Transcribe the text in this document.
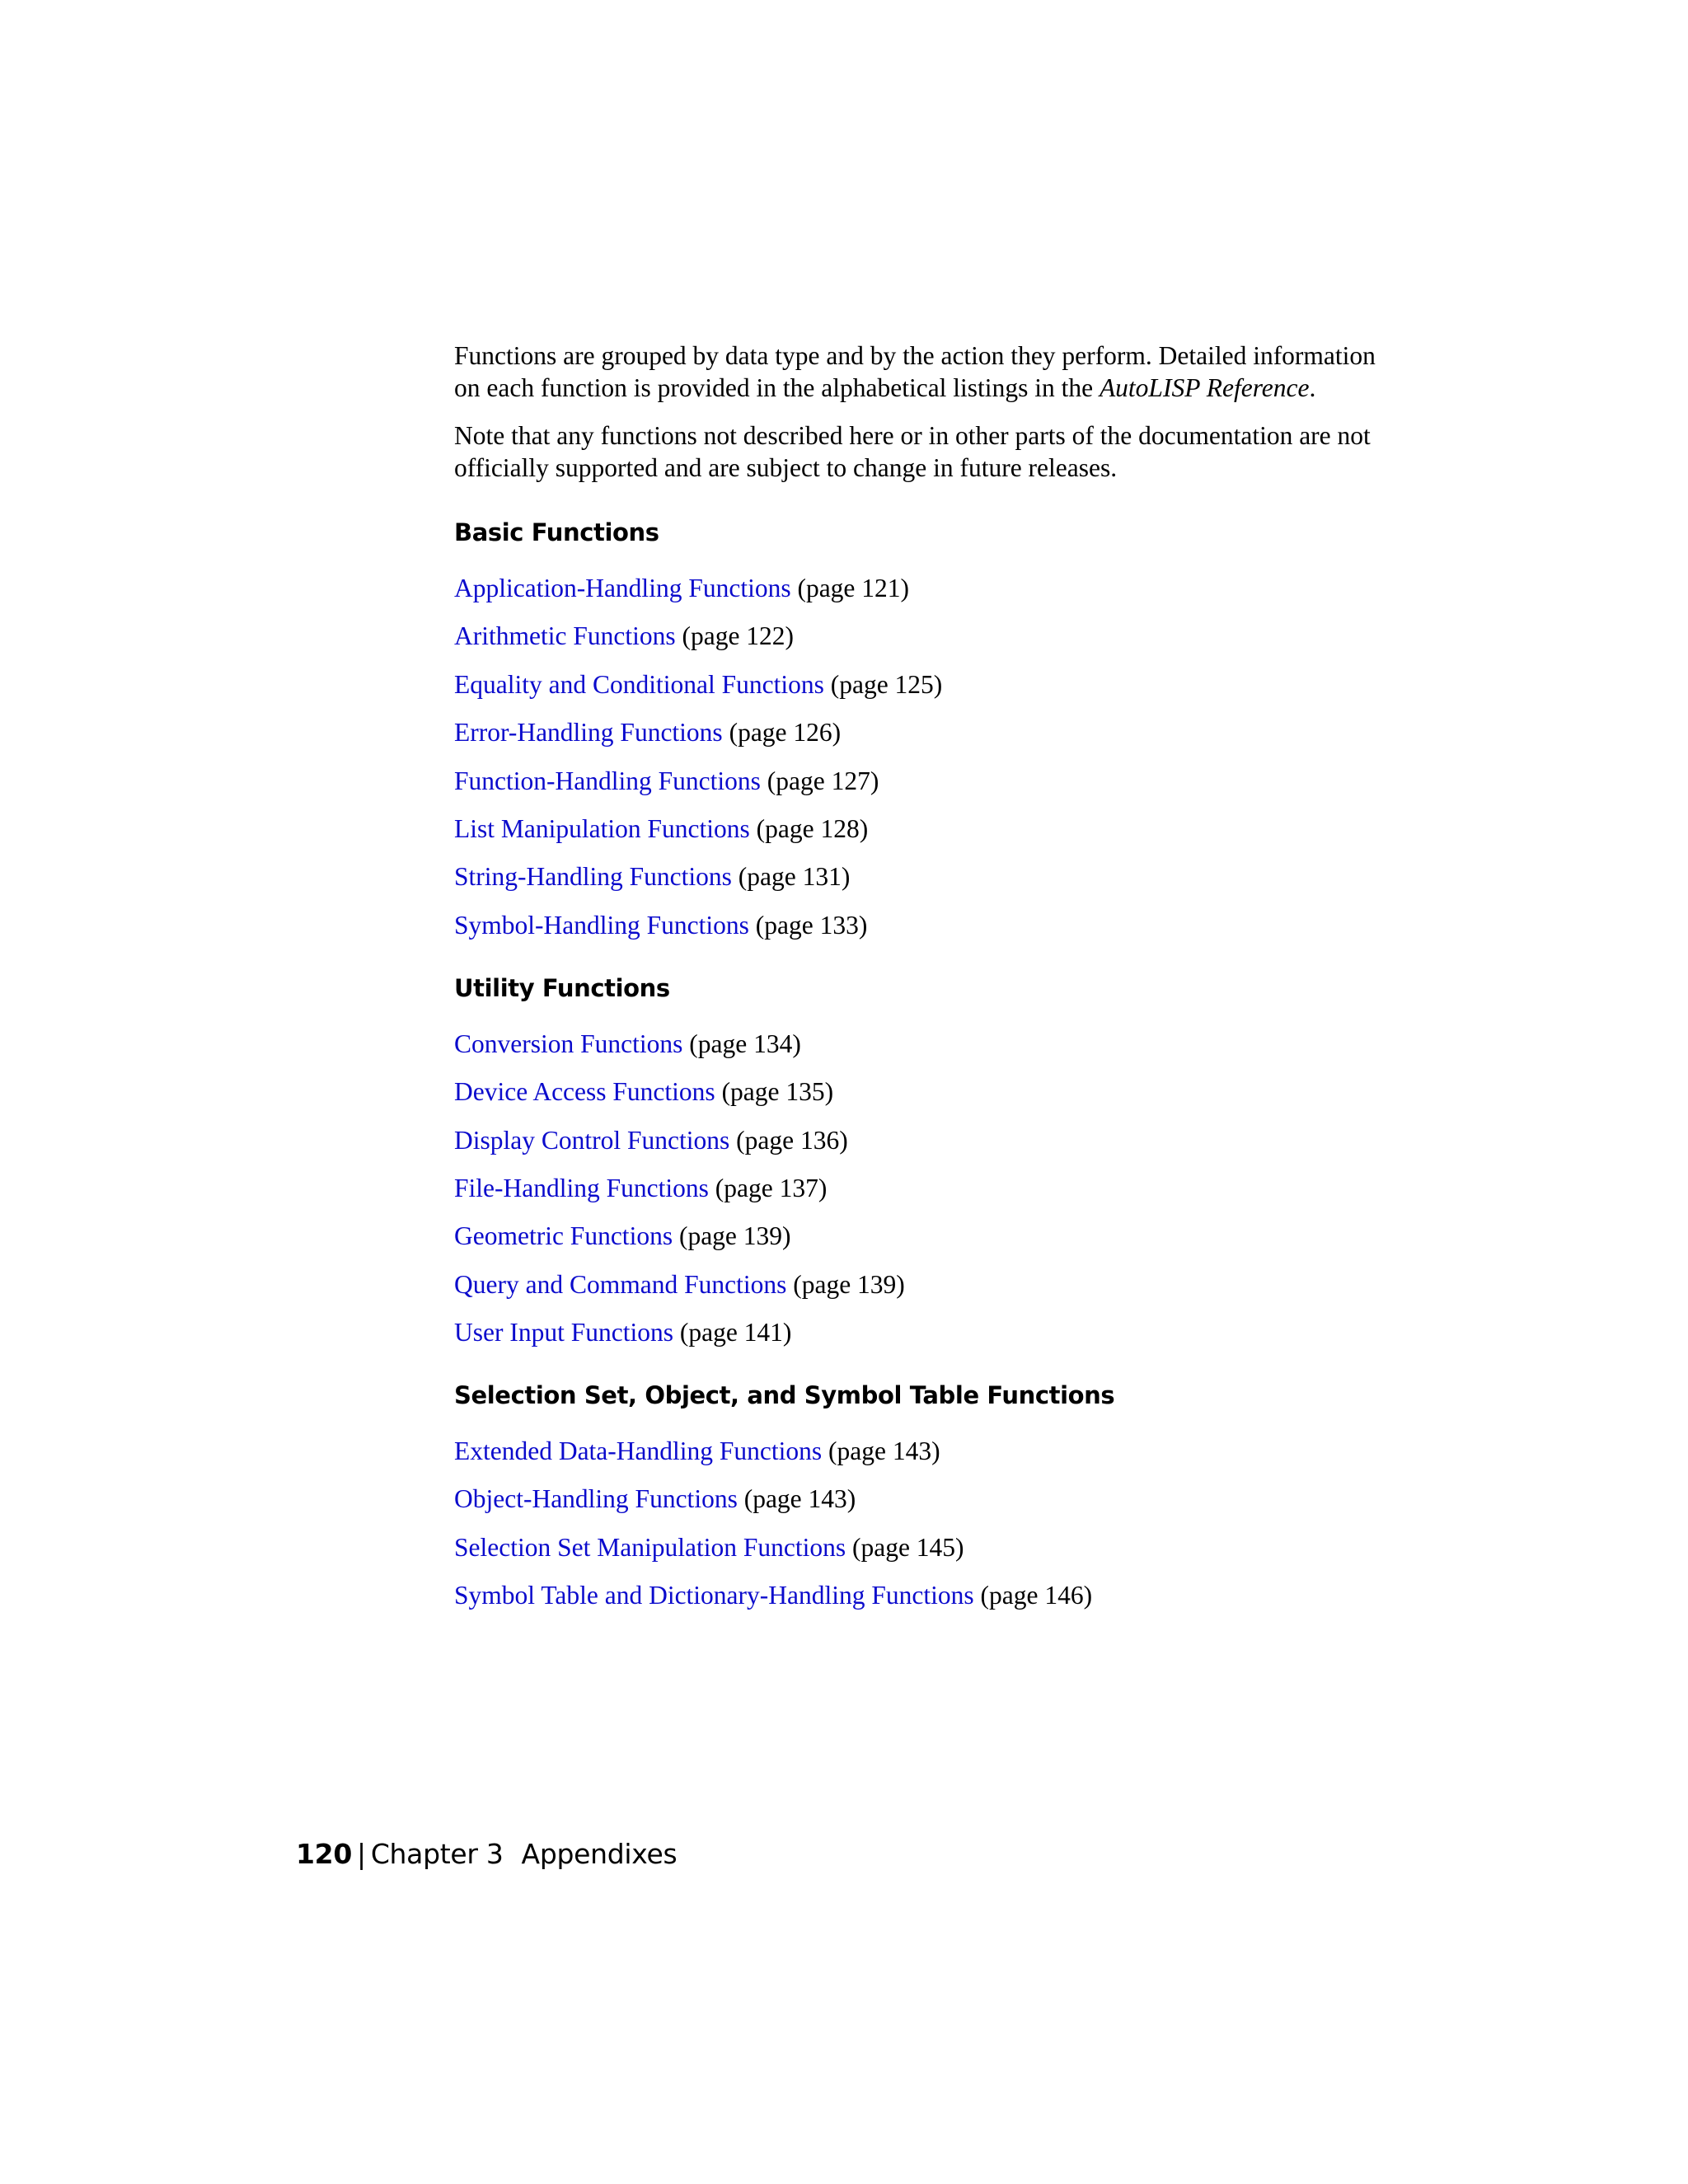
Functions are grouped by data type and by the action they perform. Detailed information on each function is provided in the alphabetical listings in the AutoLISP Reference.

Note that any functions not described here or in other parts of the documentation are not officially supported and are subject to change in future releases.

Basic Functions
Application-Handling Functions (page 121)
Arithmetic Functions (page 122)
Equality and Conditional Functions (page 125)
Error-Handling Functions (page 126)
Function-Handling Functions (page 127)
List Manipulation Functions (page 128)
String-Handling Functions (page 131)
Symbol-Handling Functions (page 133)
Utility Functions
Conversion Functions (page 134)
Device Access Functions (page 135)
Display Control Functions (page 136)
File-Handling Functions (page 137)
Geometric Functions (page 139)
Query and Command Functions (page 139)
User Input Functions (page 141)
Selection Set, Object, and Symbol Table Functions
Extended Data-Handling Functions (page 143)
Object-Handling Functions (page 143)
Selection Set Manipulation Functions (page 145)
Symbol Table and Dictionary-Handling Functions (page 146)
120 | Chapter 3 Appendixes
